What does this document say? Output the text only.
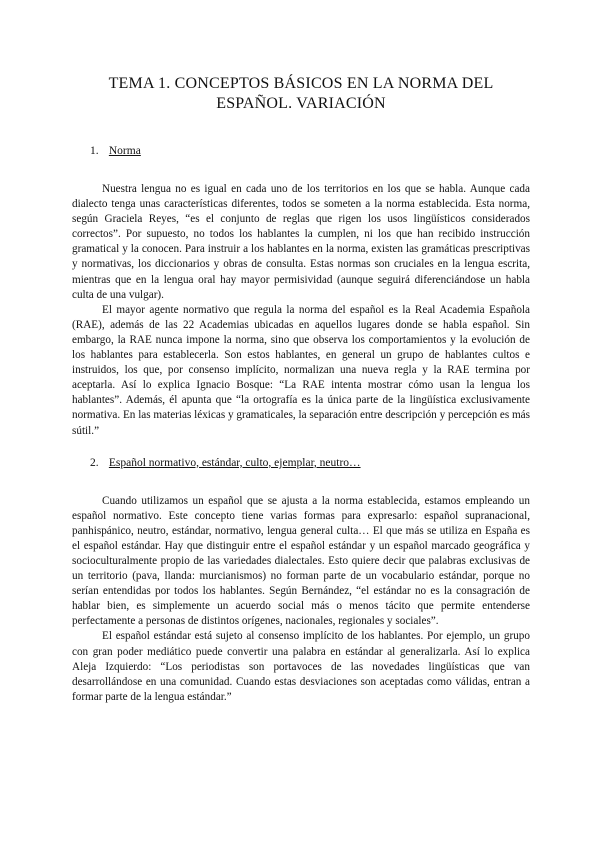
TEMA 1. CONCEPTOS BÁSICOS EN LA NORMA DEL
ESPAÑOL. VARIACIÓN
1. Norma

Nuestra lengua no es igual en cada uno de los territorios en los que se habla. Aunque cada dialecto tenga unas características diferentes, todos se someten a la norma establecida. Esta norma, según Graciela Reyes, “es el conjunto de reglas que rigen los usos lingüísticos considerados correctos”. Por supuesto, no todos los hablantes la cumplen, ni los que han recibido instrucción gramatical y la conocen. Para instruir a los hablantes en la norma, existen las gramáticas prescriptivas y normativas, los diccionarios y obras de consulta. Estas normas son cruciales en la lengua escrita, mientras que en la lengua oral hay mayor permisividad (aunque seguirá diferenciándose un habla culta de una vulgar).

El mayor agente normativo que regula la norma del español es la Real Academia Española (RAE), además de las 22 Academias ubicadas en aquellos lugares donde se habla español. Sin embargo, la RAE nunca impone la norma, sino que observa los comportamientos y la evolución de los hablantes para establecerla. Son estos hablantes, en general un grupo de hablantes cultos e instruidos, los que, por consenso implícito, normalizan una nueva regla y la RAE termina por aceptarla. Así lo explica Ignacio Bosque: “La RAE intenta mostrar cómo usan la lengua los hablantes”. Además, él apunta que “la ortografía es la única parte de la lingüística exclusivamente normativa. En las materias léxicas y gramaticales, la separación entre descripción y percepción es más sútil.”

2. Español normativo, estándar, culto, ejemplar, neutro…

Cuando utilizamos un español que se ajusta a la norma establecida, estamos empleando un español normativo. Este concepto tiene varias formas para expresarlo: español supranacional, panhispánico, neutro, estándar, normativo, lengua general culta… El que más se utiliza en España es el español estándar. Hay que distinguir entre el español estándar y un español marcado geográfica y socioculturalmente propio de las variedades dialectales. Esto quiere decir que palabras exclusivas de un territorio (pava, llanda: murcianismos) no forman parte de un vocabulario estándar, porque no serían entendidas por todos los hablantes. Según Bernández, “el estándar no es la consagración de hablar bien, es simplemente un acuerdo social más o menos tácito que permite entenderse perfectamente a personas de distintos orígenes, nacionales, regionales y sociales”.

El español estándar está sujeto al consenso implícito de los hablantes. Por ejemplo, un grupo con gran poder mediático puede convertir una palabra en estándar al generalizarla. Así lo explica Aleja Izquierdo: “Los periodistas son portavoces de las novedades lingüísticas que van desarrollándose en una comunidad. Cuando estas desviaciones son aceptadas como válidas, entran a formar parte de la lengua estándar.”
